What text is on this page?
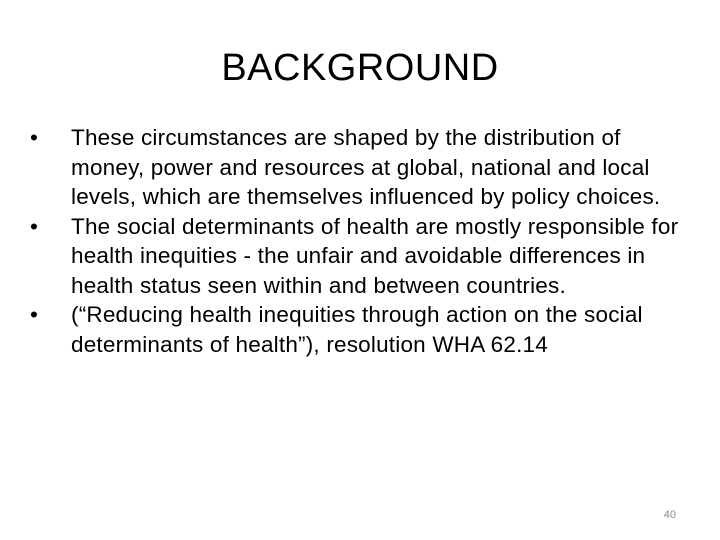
BACKGROUND
•	These circumstances are shaped by the distribution of money, power and resources at global, national and local levels, which are themselves influenced by policy choices.
•	The social determinants of health are mostly responsible for health inequities - the unfair and avoidable differences in health status seen within and between countries.
•	(“Reducing health inequities through action on the social determinants of health”), resolution WHA 62.14
40
